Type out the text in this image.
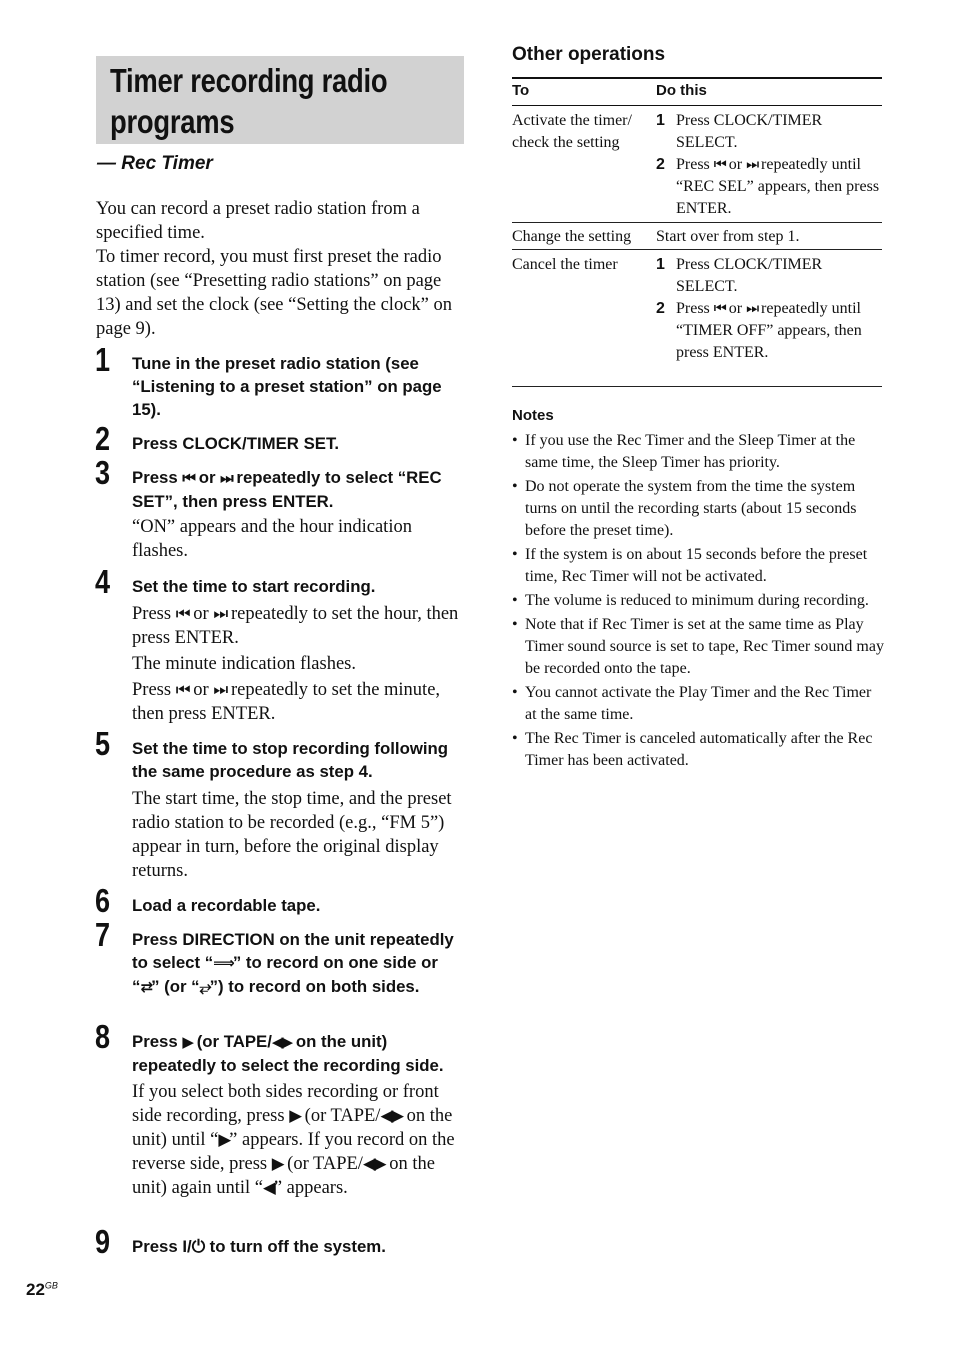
Timer recording radio programs
— Rec Timer

You can record a preset radio station from a specified time.

To timer record, you must first preset the radio station (see “Presetting radio stations” on page 13) and set the clock (see “Setting the clock” on page 9).

1 Tune in the preset radio station (see “Listening to a preset station” on page 15).
2 Press CLOCK/TIMER SET.
3 Press ⏮ or ⏭ repeatedly to select “REC SET”, then press ENTER.
“ON” appears and the hour indication flashes.
4 Set the time to start recording.

Press ⏮ or ⏭ repeatedly to set the hour, then press ENTER.

The minute indication flashes.

Press ⏮ or ⏭ repeatedly to set the minute, then press ENTER.

5 Set the time to stop recording following the same procedure as step 4.
The start time, the stop time, and the preset radio station to be recorded (e.g., “FM 5”) appear in turn, before the original display returns.
6 Load a recordable tape.
7 Press DIRECTION on the unit repeatedly to select “⟹” to record on one side or “⇄” (or “⥂”) to record on both sides.
8 Press ▶ (or TAPE/◀▶ on the unit) repeatedly to select the recording side.
If you select both sides recording or front side recording, press ▶ (or TAPE/◀▶ on the unit) until “▶” appears. If you record on the reverse side, press ▶ (or TAPE/◀▶ on the unit) again until “◀” appears.
9 Press I/⏻ to turn off the system.
$22^{GB}$
Other operations
To	Do this
Activate the timer/ check the setting
1 Press CLOCK/TIMER SELECT.
2 Press ⏮ or ⏭ repeatedly until “REC SEL” appears, then press ENTER.
Change the setting	Start over from step 1.
Cancel the timer	1 Press CLOCK/TIMER SELECT.
2 Press ⏮ or ⏭ repeatedly until “TIMER OFF” appears, then press ENTER.
Notes
• If you use the Rec Timer and the Sleep Timer at the same time, the Sleep Timer has priority.
• Do not operate the system from the time the system turns on until the recording starts (about 15 seconds before the preset time).
• If the system is on about 15 seconds before the preset time, Rec Timer will not be activated.
• The volume is reduced to minimum during recording.
• Note that if Rec Timer is set at the same time as Play Timer sound source is set to tape, Rec Timer sound may be recorded onto the tape.
• You cannot activate the Play Timer and the Rec Timer at the same time.
• The Rec Timer is canceled automatically after the Rec Timer has been activated.
